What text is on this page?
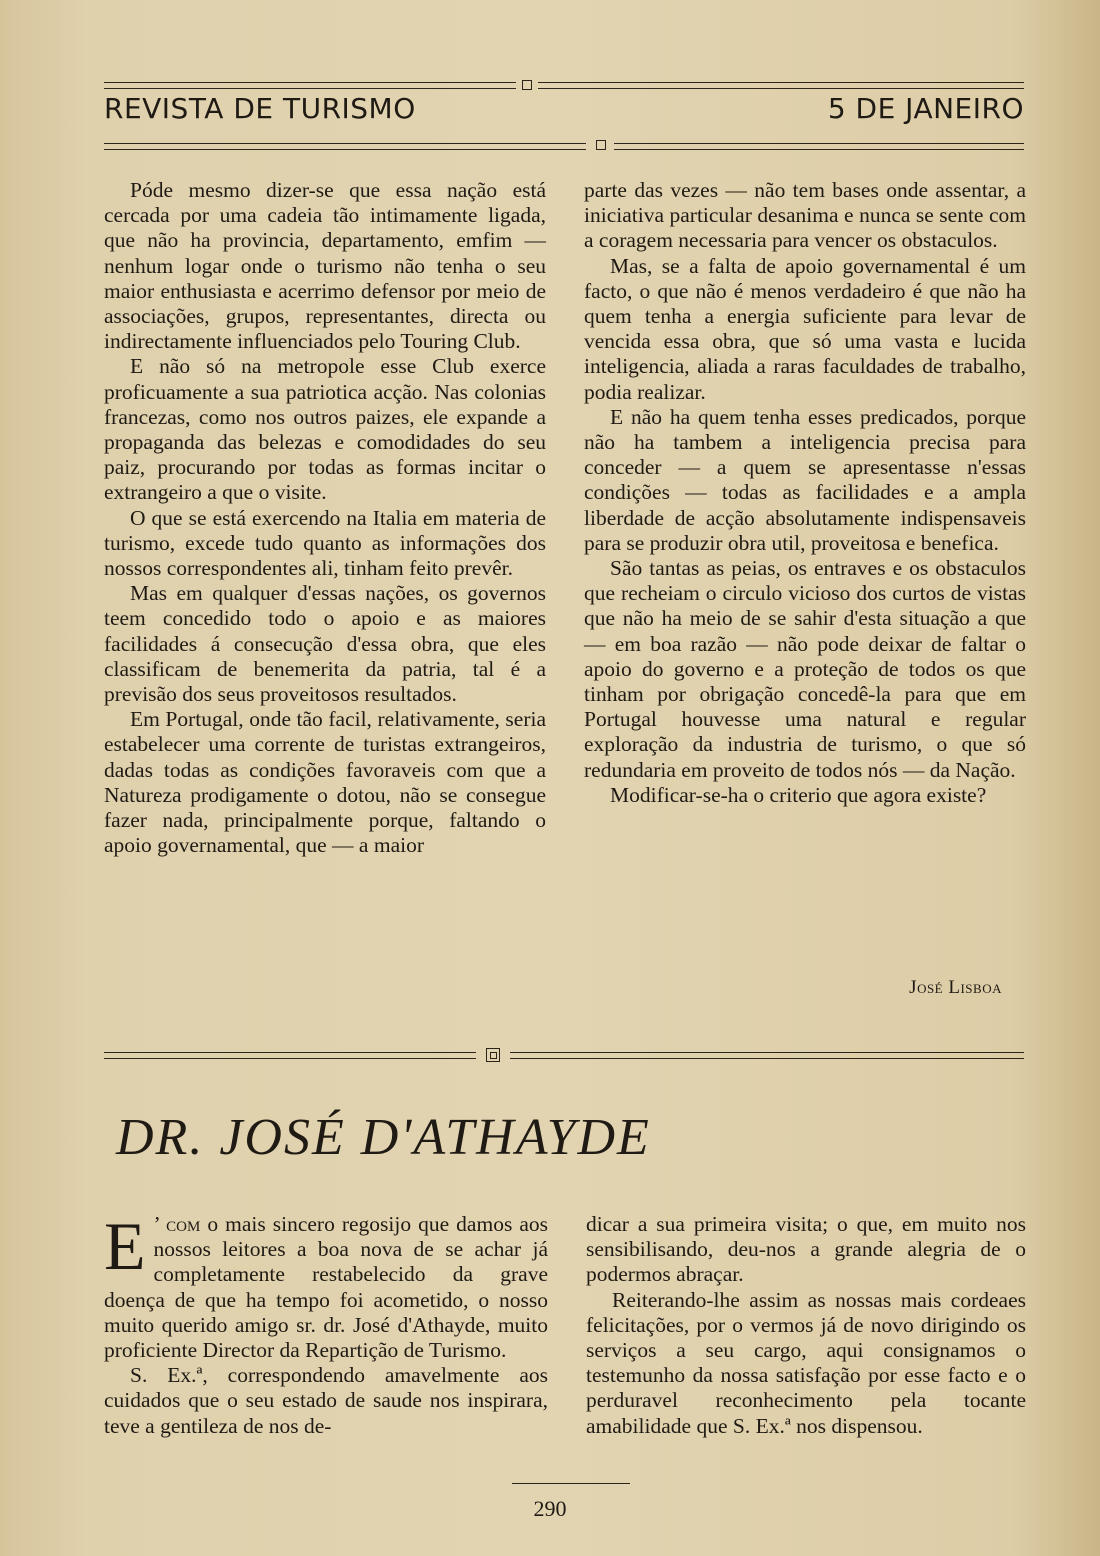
REVISTA DE TURISMO	5 DE JANEIRO

Póde mesmo dizer-se que essa nação está cercada por uma cadeia tão intimamente ligada, que não ha provincia, departamento, emfim — nenhum logar onde o turismo não tenha o seu maior enthusiasta e acerrimo defensor por meio de associações, grupos, representantes, directa ou indirectamente influenciados pelo Touring Club.

E não só na metropole esse Club exerce proficuamente a sua patriotica acção. Nas colonias francezas, como nos outros paizes, ele expande a propaganda das belezas e comodidades do seu paiz, procurando por todas as formas incitar o extrangeiro a que o visite.

O que se está exercendo na Italia em materia de turismo, excede tudo quanto as informações dos nossos correspondentes ali, tinham feito prevêr.

Mas em qualquer d'essas nações, os governos teem concedido todo o apoio e as maiores facilidades á consecução d'essa obra, que eles classificam de benemerita da patria, tal é a previsão dos seus proveitosos resultados.

Em Portugal, onde tão facil, relativamente, seria estabelecer uma corrente de turistas extrangeiros, dadas todas as condições favoraveis com que a Natureza prodigamente o dotou, não se consegue fazer nada, principalmente porque, faltando o apoio governamental, que — a maior

parte das vezes — não tem bases onde assentar, a iniciativa particular desanima e nunca se sente com a coragem necessaria para vencer os obstaculos.

Mas, se a falta de apoio governamental é um facto, o que não é menos verdadeiro é que não ha quem tenha a energia suficiente para levar de vencida essa obra, que só uma vasta e lucida inteligencia, aliada a raras faculdades de trabalho, podia realizar.

E não ha quem tenha esses predicados, porque não ha tambem a inteligencia precisa para conceder — a quem se apresentasse n'essas condições — todas as facilidades e a ampla liberdade de acção absolutamente indispensaveis para se produzir obra util, proveitosa e benefica.

São tantas as peias, os entraves e os obstaculos que recheiam o circulo vicioso dos curtos de vistas que não ha meio de se sahir d'esta situação a que — em boa razão — não pode deixar de faltar o apoio do governo e a proteção de todos os que tinham por obrigação concedê-la para que em Portugal houvesse uma natural e regular exploração da industria de turismo, o que só redundaria em proveito de todos nós — da Nação.

Modificar-se-ha o criterio que agora existe?

José Lisboa
DR. JOSÉ D'ATHAYDE

E ’ com o mais sincero regosijo que damos aos nossos leitores a boa nova de se achar já completamente restabelecido da grave doença de que ha tempo foi acometido, o nosso muito querido amigo sr. dr. José d'Athayde, muito proficiente Director da Repartição de Turismo.

S. Ex.ª, correspondendo amavelmente aos cuidados que o seu estado de saude nos inspirara, teve a gentileza de nos de-

dicar a sua primeira visita; o que, em muito nos sensibilisando, deu-nos a grande alegria de o podermos abraçar.

Reiterando-lhe assim as nossas mais cordeaes felicitações, por o vermos já de novo dirigindo os serviços a seu cargo, aqui consignamos o testemunho da nossa satisfação por esse facto e o perduravel reconhecimento pela tocante amabilidade que S. Ex.ª nos dispensou.

290
